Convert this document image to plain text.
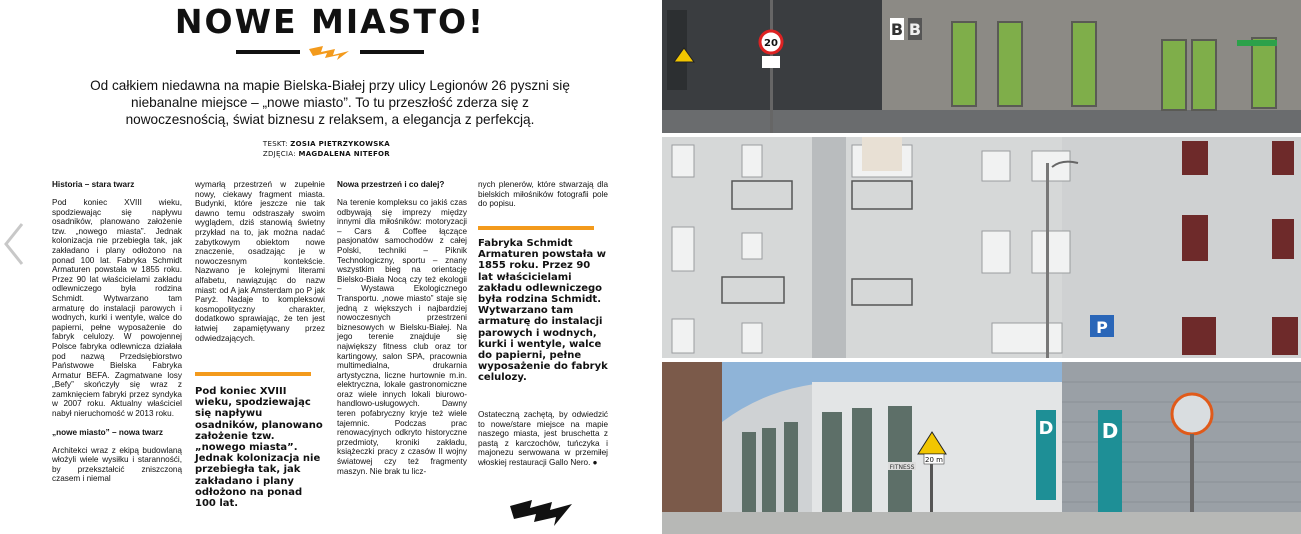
NOWE MIASTO!
Od całkiem niedawna na mapie Bielska-Białej przy ulicy Legionów 26 pyszni się niebanalne miejsce – „nowe miasto”. To tu przeszłość zderza się z nowoczesnością, świat biznesu z relaksem, a elegancja z perfekcją.
TESKT: ZOSIA PIETRZYKOWSKA
ZDJĘCIA: MAGDALENA NITEFOR
Historia – stara twarz

Pod koniec XVIII wieku, spodziewając się napływu osadników, planowano założenie tzw. „nowego miasta”. Jednak kolonizacja nie przebiegła tak, jak zakładano i plany odłożono na ponad 100 lat. Fabryka Schmidt Armaturen powstała w 1855 roku. Przez 90 lat właścicielami zakładu odlewniczego była rodzina Schmidt. Wytwarzano tam armaturę do instalacji parowych i wodnych, kurki i wentyle, walce do papierni, pełne wyposażenie do fabryk celulozy. W powojennej Polsce fabryka odlewnicza działała pod nazwą Przedsiębiorstwo Państwowe Bielska Fabryka Armatur BEFA. Zagmatwane losy „Befy” skończyły się wraz z zamknięciem fabryki przez syndyka w 2007 roku. Aktualny właściciel nabył nieruchomość w 2013 roku.

„nowe miasto” – nowa twarz

Architekci wraz z ekipą budowlaną włożyli wiele wysiłku i starannośći, by przekształcić zniszczoną czasem i niemal

wymarłą przestrzeń w zupełnie nowy, ciekawy fragment miasta. Budynki, które jeszcze nie tak dawno temu odstraszały swoim wyglądem, dziś stanowią świetny przykład na to, jak można nadać zabytkowym obiektom nowe znaczenie, osadzając je w nowoczesnym kontekście. Nazwano je kolejnymi literami alfabetu, nawiązując do nazw miast: od A jak Amsterdam po P jak Paryż. Nadaje to kompleksowi kosmopolityczny charakter, dodatkowo sprawiając, że ten jest łatwiej zapamiętywany przez odwiedzających.

Pod koniec XVIII wieku, spodziewając się napływu osadników, planowano założenie tzw. „nowego miasta”. Jednak kolonizacja nie przebiegła tak, jak zakładano i plany odłożono na ponad 100 lat.
Nowa przestrzeń i co dalej?

Na terenie kompleksu co jakiś czas odbywają się imprezy między innymi dla miłośników: motoryzacji – Cars & Coffee łączące pasjonatów samochodów z całej Polski, techniki – Piknik Technologiczny, sportu – znany wszystkim bieg na orientację Bielsko-Biała Nocą czy też ekologii – Wystawa Ekologicznego Transportu. „nowe miasto” staje się jedną z większych i najbardziej nowoczesnych przestrzeni biznesowych w Bielsku-Białej. Na jego terenie znajduje się największy fitness club oraz tor kartingowy, salon SPA, pracownia multimedialna, drukarnia artystyczna, liczne hurtownie m.in. elektryczna, lokale gastronomiczne oraz wiele innych lokali biurowo-handlowo-usługowych. Dawny teren pofabryczny kryje też wiele tajemnic. Podczas prac renowacyjnych odkryto historyczne przedmioty, kroniki zakładu, książeczki pracy z czasów II wojny światowej czy też fragmenty maszyn. Nie brak tu licz-

nych plenerów, które stwarzają dla bielskich miłośników fotografii pole do popisu.

Fabryka Schmidt Armaturen powstała w 1855 roku. Przez 90 lat właścicielami zakładu odlewniczego była rodzina Schmidt. Wytwarzano tam armaturę do instalacji parowych i wodnych, kurki i wentyle, walce do papierni, pełne wyposażenie do fabryk celulozy.
Ostateczną zachętą, by odwiedzić to nowe/stare miejsce na mapie naszego miasta, jest bruschetta z pastą z karczochów, tuńczyka i majonezu serwowana w przemiłej włoskiej restauracji Gallo Nero. ●
B B
20
P
FITNESS
20 m
D D
